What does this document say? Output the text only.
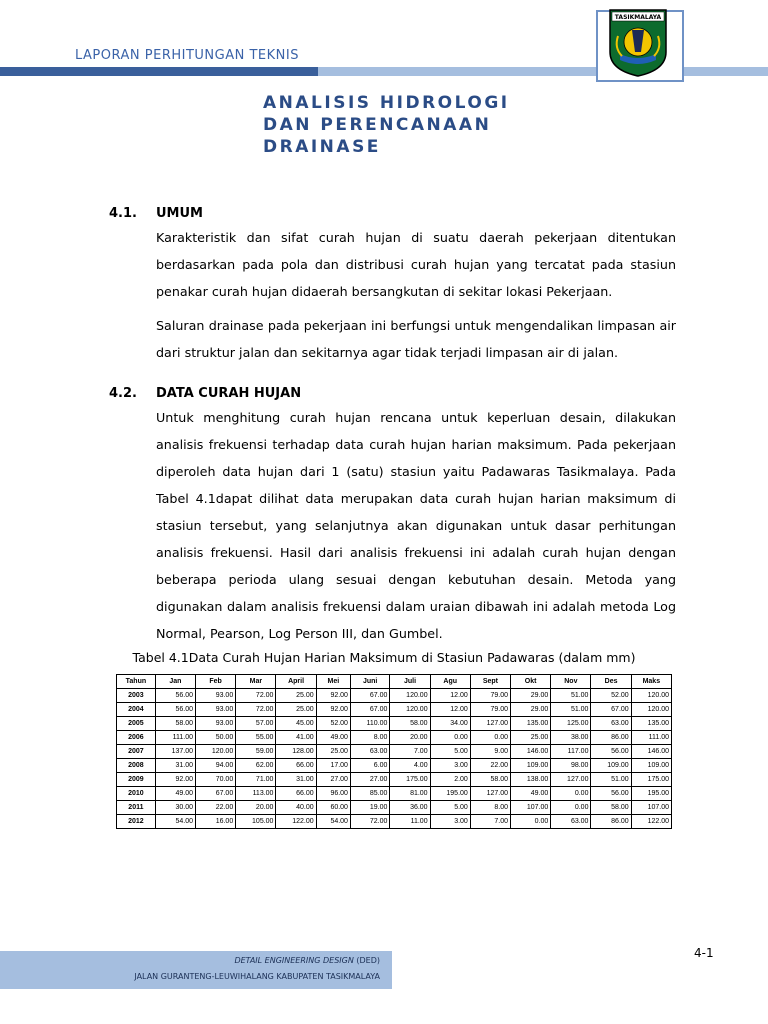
LAPORAN PERHITUNGAN TEKNIS
TASIKMALAYA
ANALISIS HIDROLOGI
DAN PERENCANAAN
DRAINASE
4.1. UMUM
Karakteristik dan sifat curah hujan di suatu daerah pekerjaan ditentukan berdasarkan pada pola dan distribusi curah hujan yang tercatat pada stasiun penakar curah hujan didaerah bersangkutan di sekitar lokasi Pekerjaan.
Saluran drainase pada pekerjaan ini berfungsi untuk mengendalikan limpasan air dari struktur jalan dan sekitarnya agar tidak terjadi limpasan air di jalan.
4.2. DATA CURAH HUJAN
Untuk menghitung curah hujan rencana untuk keperluan desain, dilakukan analisis frekuensi terhadap data curah hujan harian maksimum. Pada pekerjaan diperoleh data hujan dari 1 (satu) stasiun yaitu Padawaras Tasikmalaya. Pada Tabel 4.1dapat dilihat data merupakan data curah hujan harian maksimum di stasiun tersebut, yang selanjutnya akan digunakan untuk dasar perhitungan analisis frekuensi. Hasil dari analisis frekuensi ini adalah curah hujan dengan beberapa perioda ulang sesuai dengan kebutuhan desain. Metoda yang digunakan dalam analisis frekuensi dalam uraian dibawah ini adalah metoda Log Normal, Pearson, Log Person III, dan Gumbel.
Tabel 4.1Data Curah Hujan Harian Maksimum di Stasiun Padawaras (dalam mm)
Tahun	Jan	Feb	Mar	April	Mei	Juni	Juli	Agu	Sept	Okt	Nov	Des	Maks
2003	56.00	93.00	72.00	25.00	92.00	67.00	120.00	12.00	79.00	29.00	51.00	52.00	120.00
2004	56.00	93.00	72.00	25.00	92.00	67.00	120.00	12.00	79.00	29.00	51.00	67.00	120.00
2005	58.00	93.00	57.00	45.00	52.00	110.00	58.00	34.00	127.00	135.00	125.00	63.00	135.00
2006	111.00	50.00	55.00	41.00	49.00	8.00	20.00	0.00	0.00	25.00	38.00	86.00	111.00
2007	137.00	120.00	59.00	128.00	25.00	63.00	7.00	5.00	9.00	146.00	117.00	56.00	146.00
2008	31.00	94.00	62.00	66.00	17.00	6.00	4.00	3.00	22.00	109.00	98.00	109.00	109.00
2009	92.00	70.00	71.00	31.00	27.00	27.00	175.00	2.00	58.00	138.00	127.00	51.00	175.00
2010	49.00	67.00	113.00	66.00	96.00	85.00	81.00	195.00	127.00	49.00	0.00	56.00	195.00
2011	30.00	22.00	20.00	40.00	60.00	19.00	36.00	5.00	8.00	107.00	0.00	58.00	107.00
2012	54.00	16.00	105.00	122.00	54.00	72.00	11.00	3.00	7.00	0.00	63.00	86.00	122.00
4-1
DETAIL ENGINEERING DESIGN (DED)
JALAN GURANTENG-LEUWIHALANG KABUPATEN TASIKMALAYA
